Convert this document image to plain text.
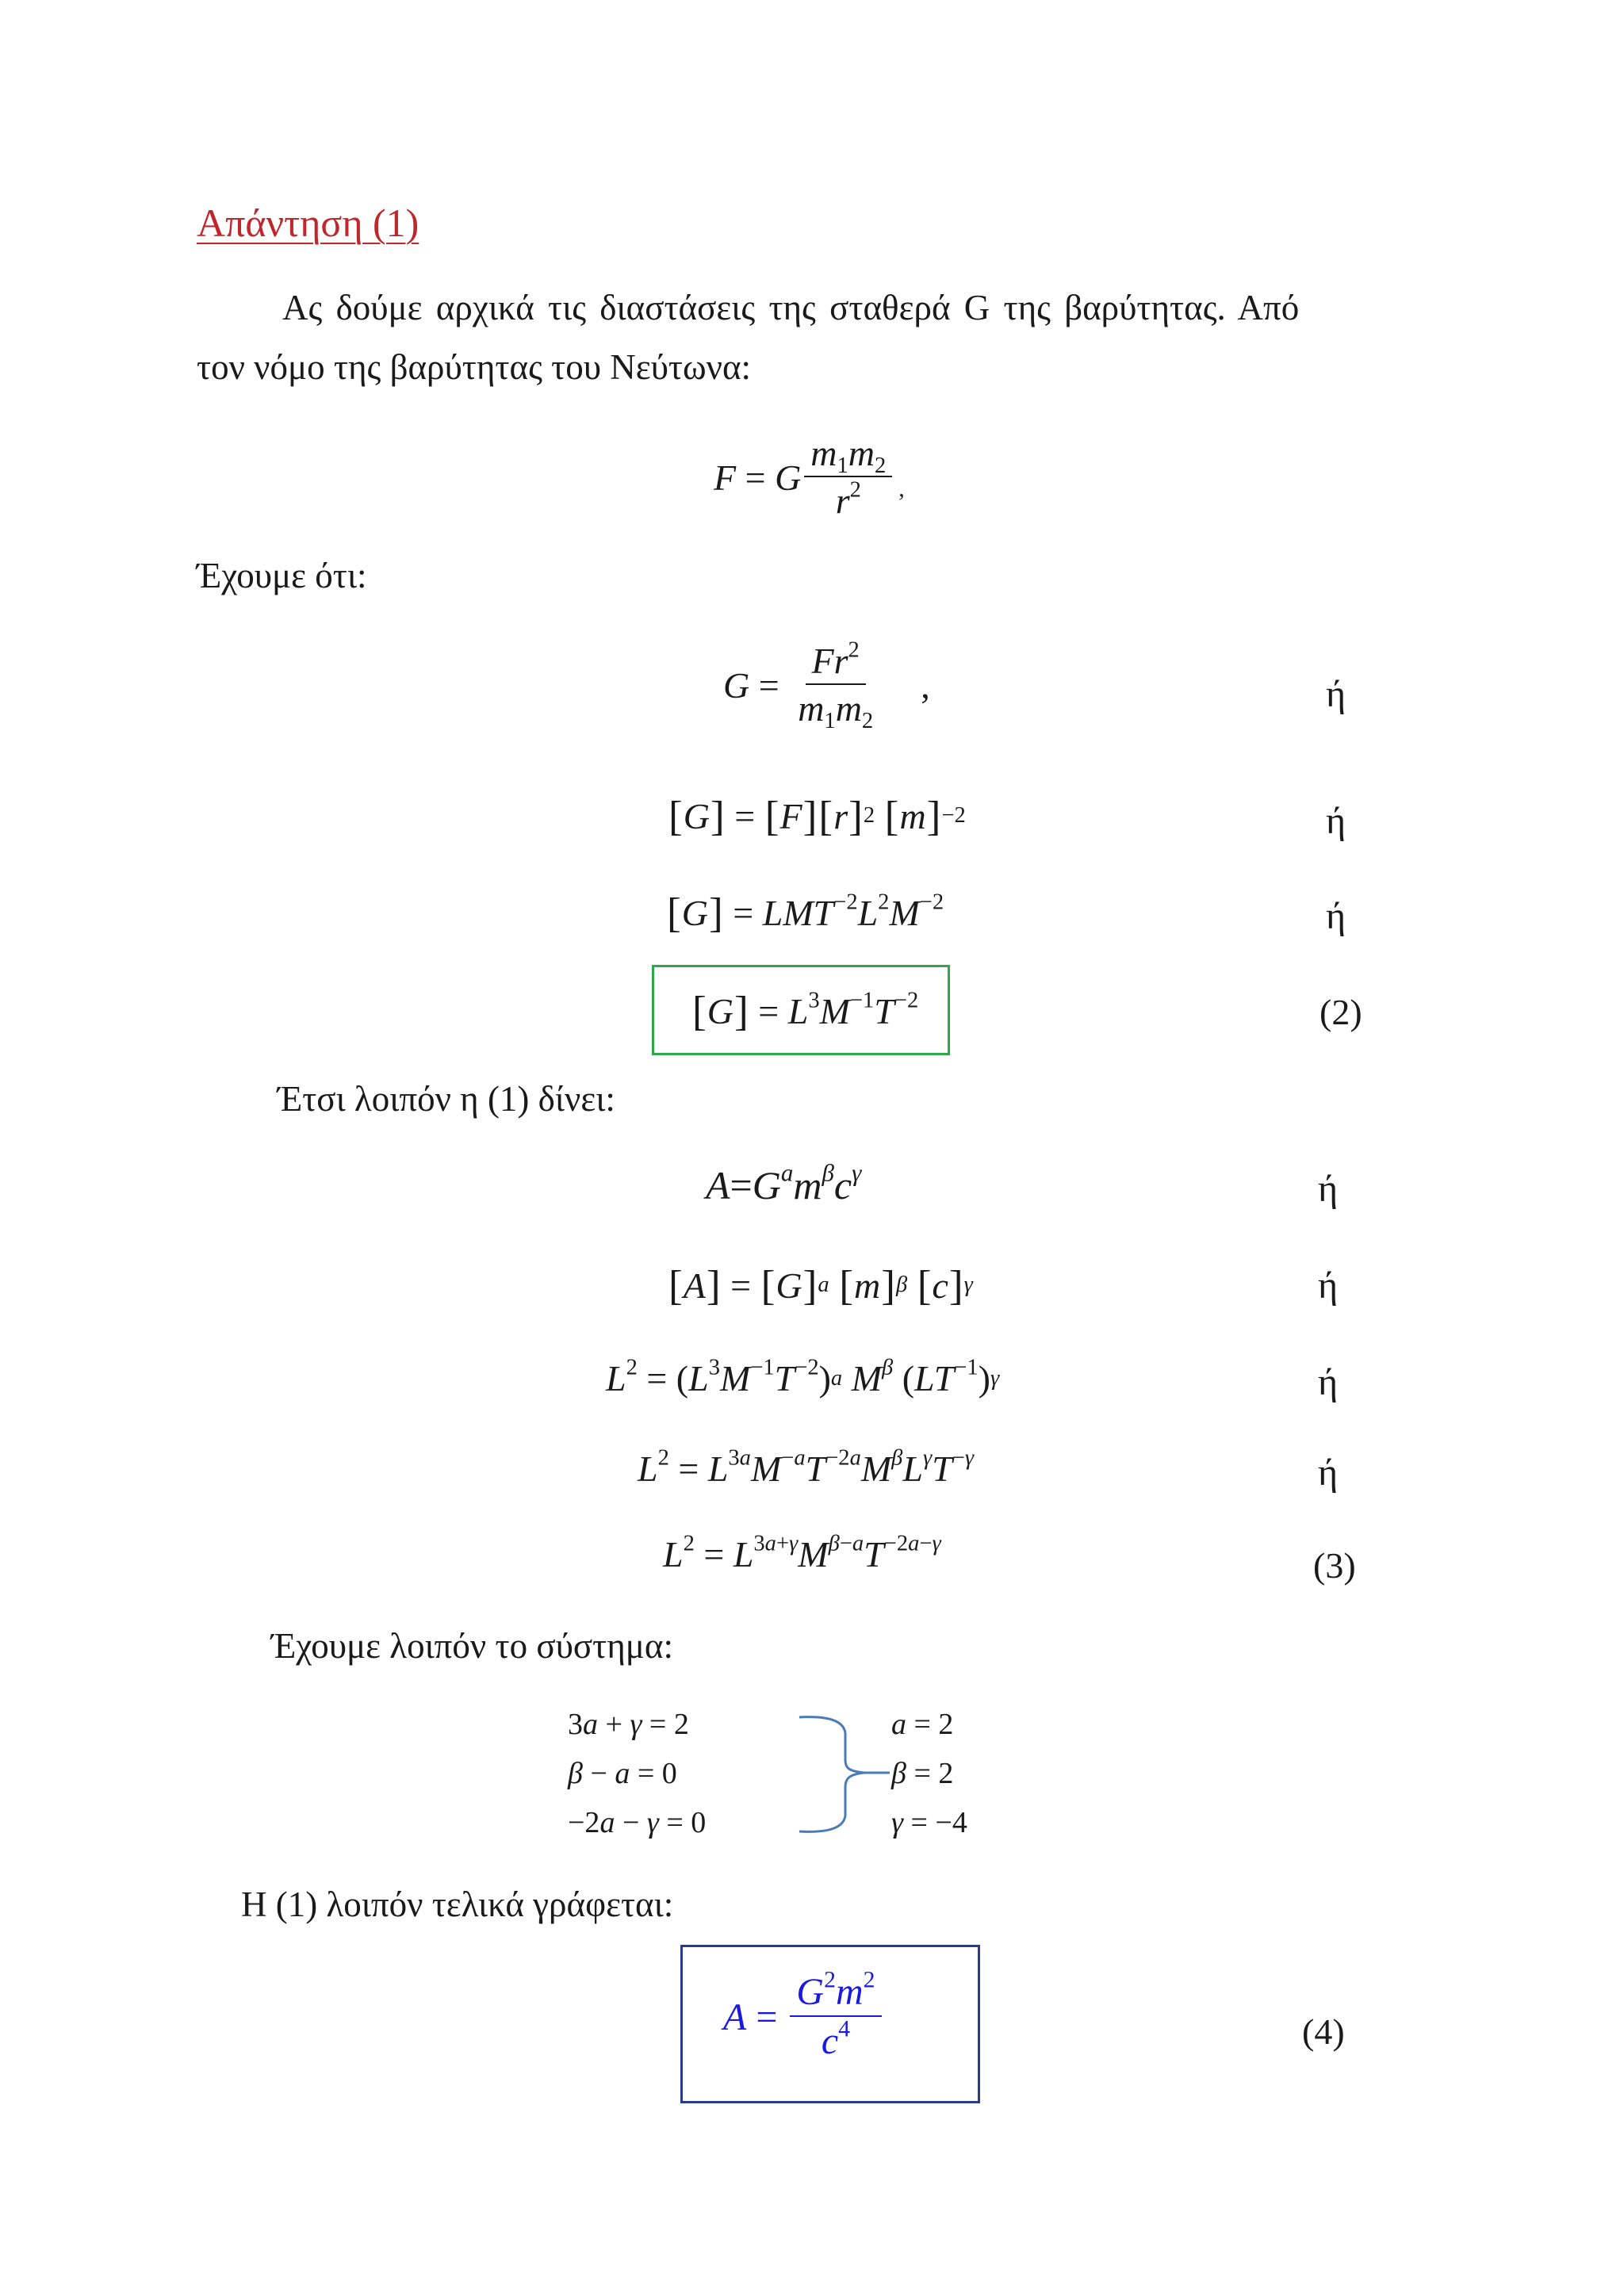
Απάντηση (1)
Ας δούμε αρχικά τις διαστάσεις της σταθερά G της βαρύτητας. Από
τον νόμο της βαρύτητας του Νεύτωνα:
F = G $\frac{m_1m_2}{r^2}$ ,
Έχουμε ότι:
$G = \frac{Fr^2}{m_1m_2}$ ,	ή
[ G ] = [ F ] [ r ] 2
[ m ] −2	ή
[ G ] = $LMT^{-2}L^2M^{-2}$	ή
[ G ] = $L^3M^{-1}T^{-2}$	(2)
Έτσι λοιπόν η (1) δίνει:
$A = G^am^\beta c^\gamma$	ή
[ A ] = [ G ] a
[ m ] β
[ c ] γ	ή
$L^2$ = ( $L^3M^{-1}T^{-2}$ ) a
$M^\beta$ ( $LT^{-1}$ ) γ	ή
$L^2 = L^{3a}M^{-a}T^{-2a}M^\beta L^\gamma T^{-\gamma}$	ή
$L^2 = L^{3a+\gamma}M^{\beta-a}T^{-2a-\gamma}$
(3)
Έχουμε λοιπόν το σύστημα:
3a + γ = 2
β − a = 0
−2a − γ = 0
a = 2
β = 2
γ = −4
Η (1) λοιπόν τελικά γράφεται:
$A = \frac{G^2m^2}{c^4}$	(4)
